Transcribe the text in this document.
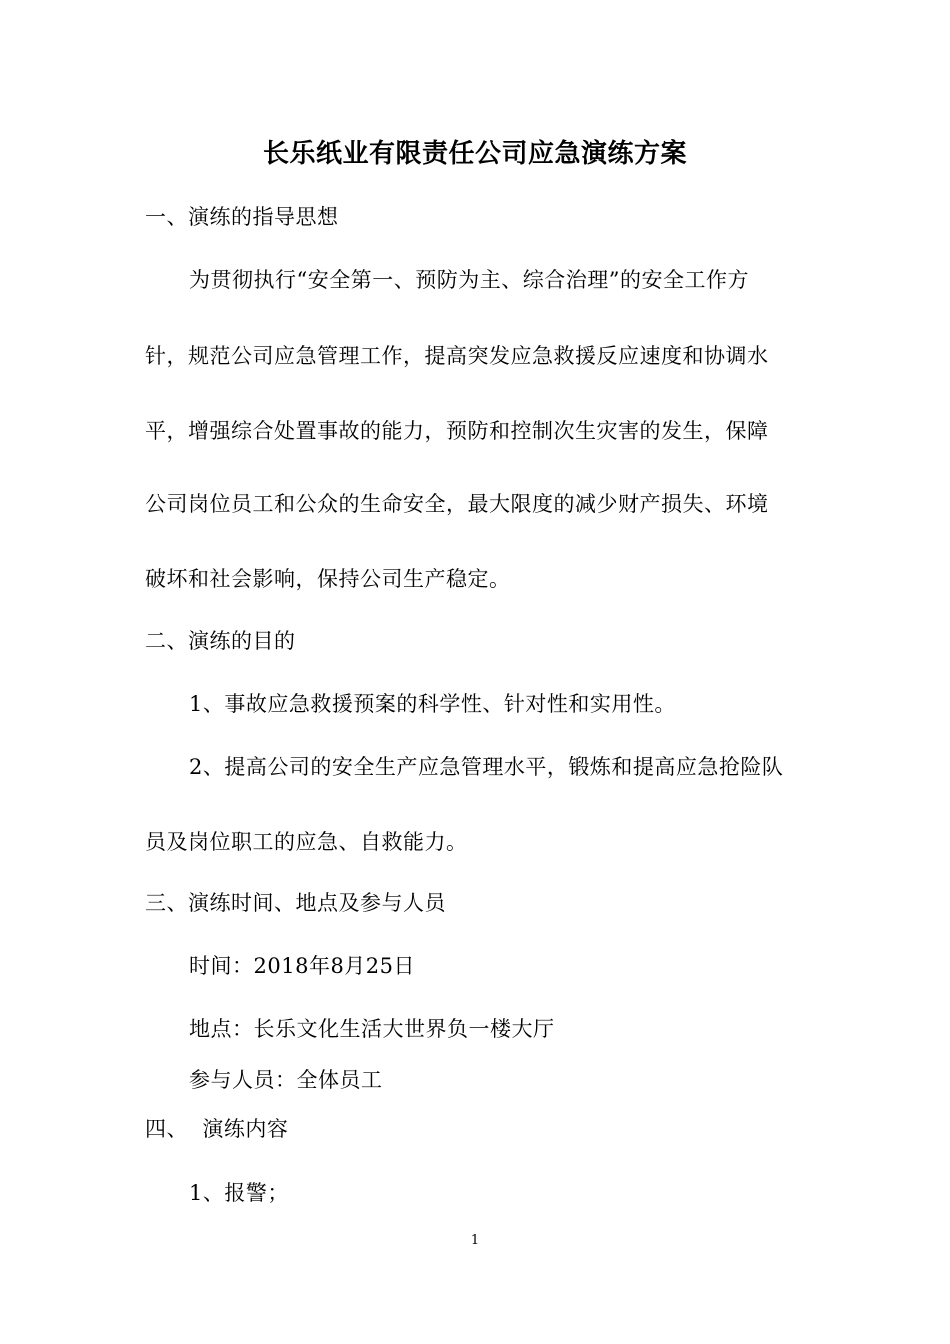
长乐纸业有限责任公司应急演练方案
一、演练的指导思想
为贯彻执行“安全第一、预防为主、综合治理”的安全工作方
针，规范公司应急管理工作，提高突发应急救援反应速度和协调水
平，增强综合处置事故的能力，预防和控制次生灾害的发生，保障
公司岗位员工和公众的生命安全，最大限度的减少财产损失、环境
破坏和社会影响，保持公司生产稳定。
二、演练的目的
1、事故应急救援预案的科学性、针对性和实用性。
2、提高公司的安全生产应急管理水平，锻炼和提高应急抢险队
员及岗位职工的应急、自救能力。
三、演练时间、地点及参与人员
时间：2018年8月25日
地点：长乐文化生活大世界负一楼大厅
参与人员：全体员工
四、  演练内容
1、报警；
1
